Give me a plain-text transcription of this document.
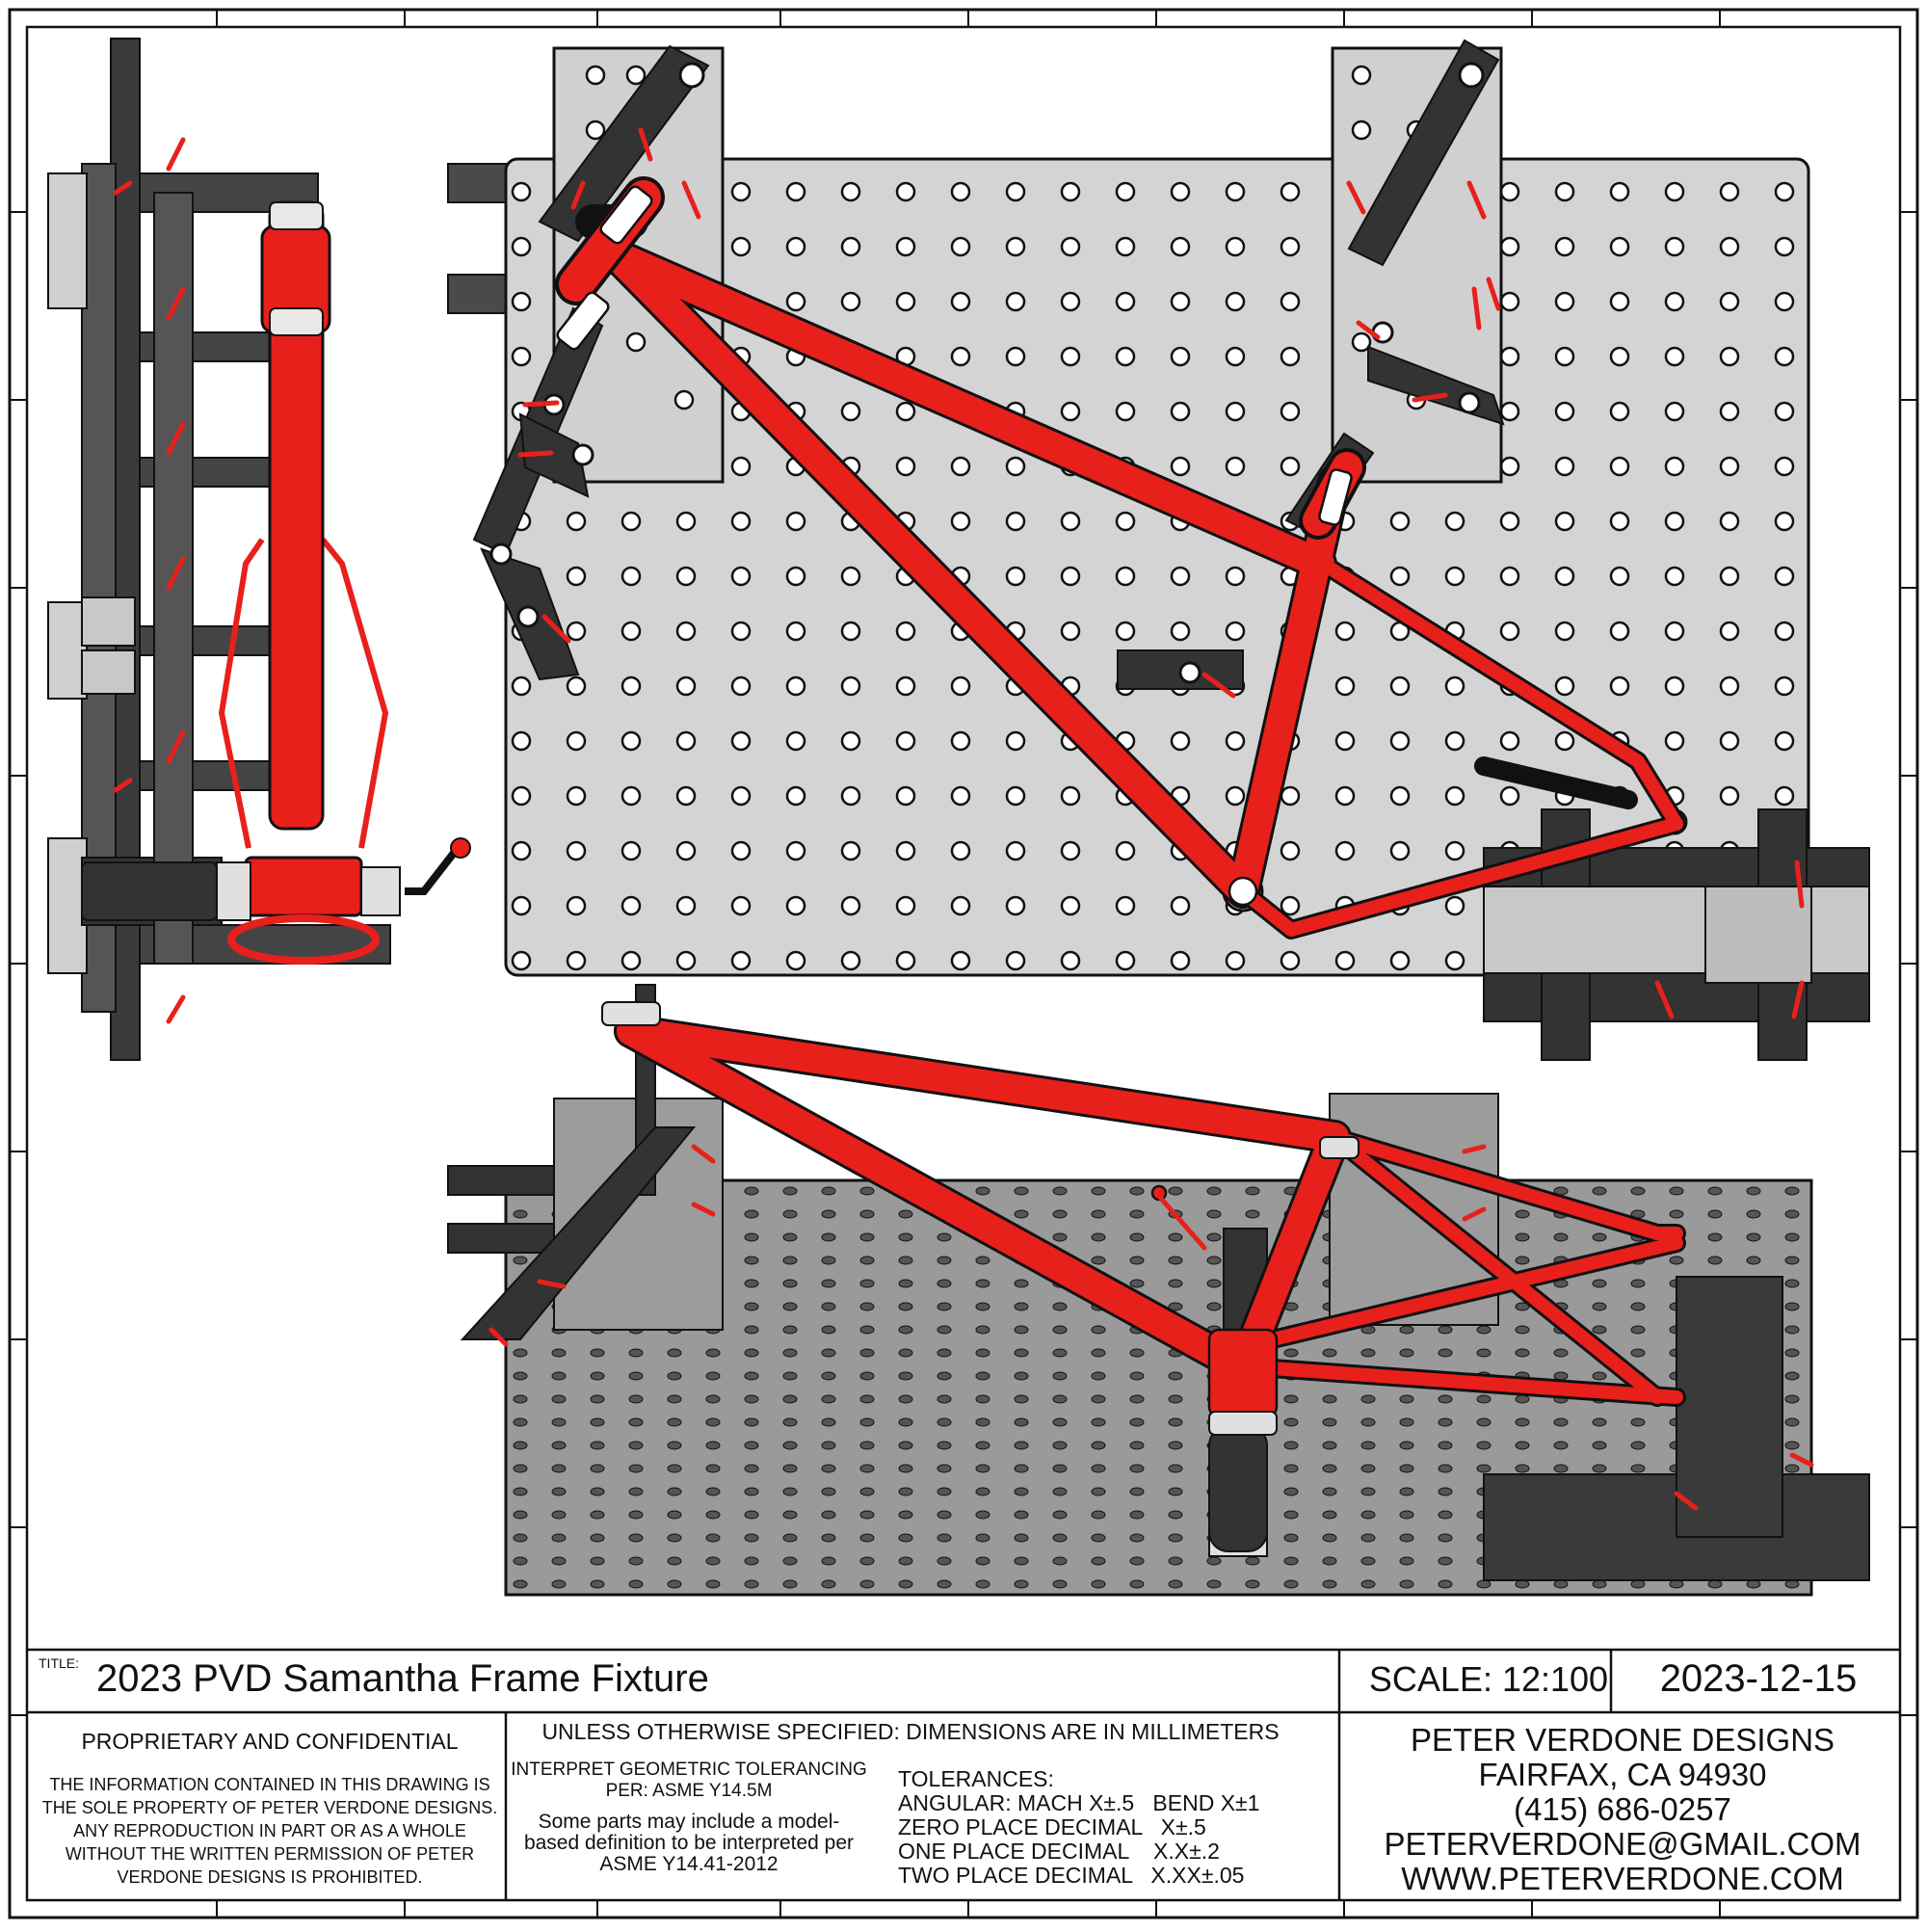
TITLE: 2023 PVD Samantha Frame Fixture	SCALE: 12:100	2023-12-15
PROPRIETARY AND CONFIDENTIAL
THE INFORMATION CONTAINED IN THIS DRAWING IS THE SOLE PROPERTY OF PETER VERDONE DESIGNS. ANY REPRODUCTION IN PART OR AS A WHOLE WITHOUT THE WRITTEN PERMISSION OF PETER VERDONE DESIGNS IS PROHIBITED.
UNLESS OTHERWISE SPECIFIED: DIMENSIONS ARE IN MILLIMETERS
INTERPRET GEOMETRIC TOLERANCING PER: ASME Y14.5M
Some parts may include a model-based definition to be interpreted per ASME Y14.41-2012
TOLERANCES:
ANGULAR: MACH X±.5   BEND X±1
ZERO PLACE DECIMAL   X±.5
ONE PLACE DECIMAL    X.X±.2
TWO PLACE DECIMAL   X.XX±.05
PETER VERDONE DESIGNS
FAIRFAX, CA 94930
(415) 686-0257
PETERVERDONE@GMAIL.COM
WWW.PETERVERDONE.COM
